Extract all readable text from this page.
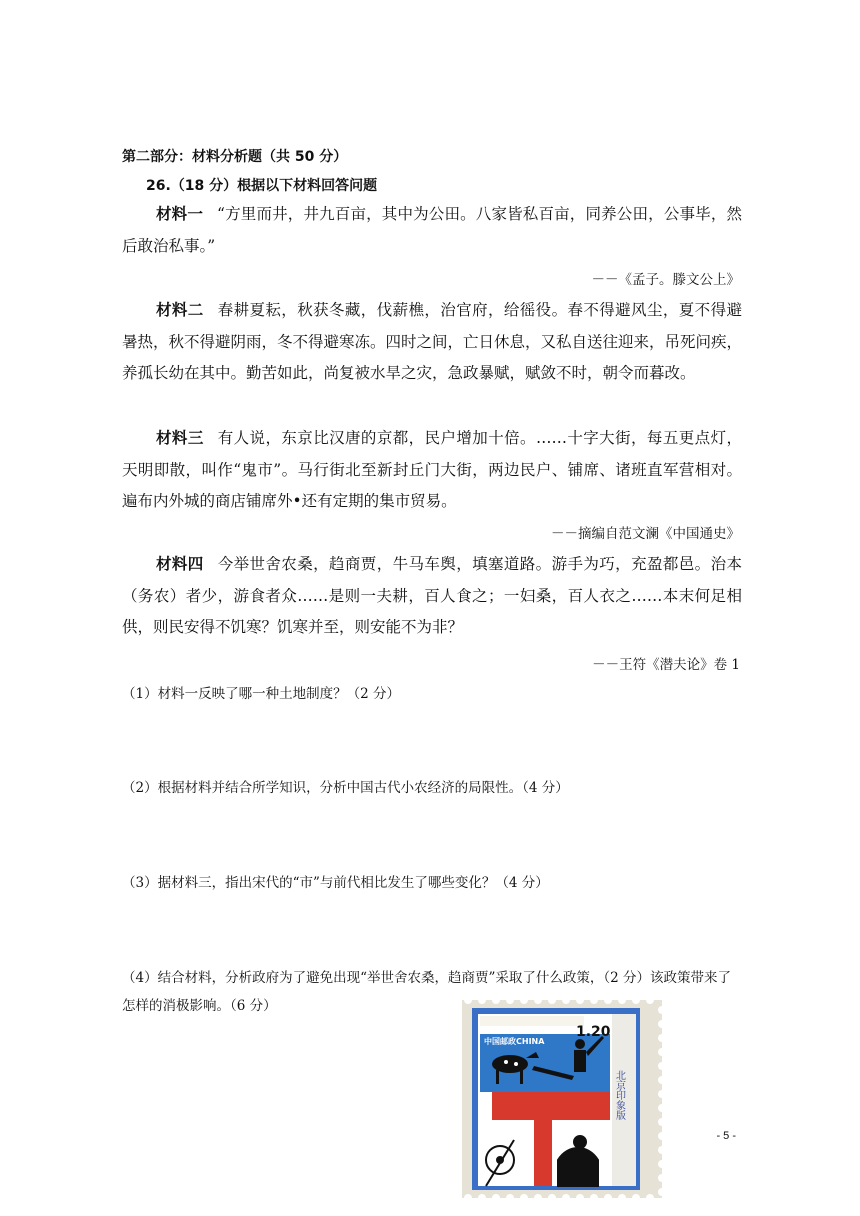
第二部分：材料分析题（共 50 分）
26.（18 分）根据以下材料回答问题
材料一 “方里而井，井九百亩，其中为公田。八家皆私百亩，同养公田，公事毕，然后敢治私事。”
－－《孟子。滕文公上》
材料二 春耕夏耘，秋获冬藏，伐薪樵，治官府，给徭役。春不得避风尘，夏不得避暑热，秋不得避阴雨，冬不得避寒冻。四时之间，亡日休息，又私自送往迎来，吊死问疾，养孤长幼在其中。勤苦如此，尚复被水旱之灾，急政暴赋，赋敛不时，朝令而暮改。
材料三 有人说，东京比汉唐的京都，民户增加十倍。……十字大街，每五更点灯，天明即散，叫作“鬼市”。马行街北至新封丘门大街，两边民户、铺席、诸班直军营相对。遍布内外城的商店铺席外•还有定期的集市贸易。
－－摘编自范文澜《中国通史》
材料四 今举世舍农桑，趋商贾，牛马车舆，填塞道路。游手为巧，充盈都邑。治本（务农）者少，游食者众……是则一夫耕，百人食之；一妇桑，百人衣之……本末何足相供，则民安得不饥寒？饥寒并至，则安能不为非？
－－王符《潜夫论》卷 1
（1）材料一反映了哪一种土地制度？（2 分）
（2）根据材料并结合所学知识，分析中国古代小农经济的局限性。（4 分）
（3）据材料三，指出宋代的“市”与前代相比发生了哪些变化？（4 分）
（4）结合材料，分析政府为了避免出现“举世舍农桑，趋商贾”采取了什么政策，（2 分）该政策带来了怎样的消极影响。（6 分）
中国邮政CHINA
1.20
北京印象版
- 5 -
